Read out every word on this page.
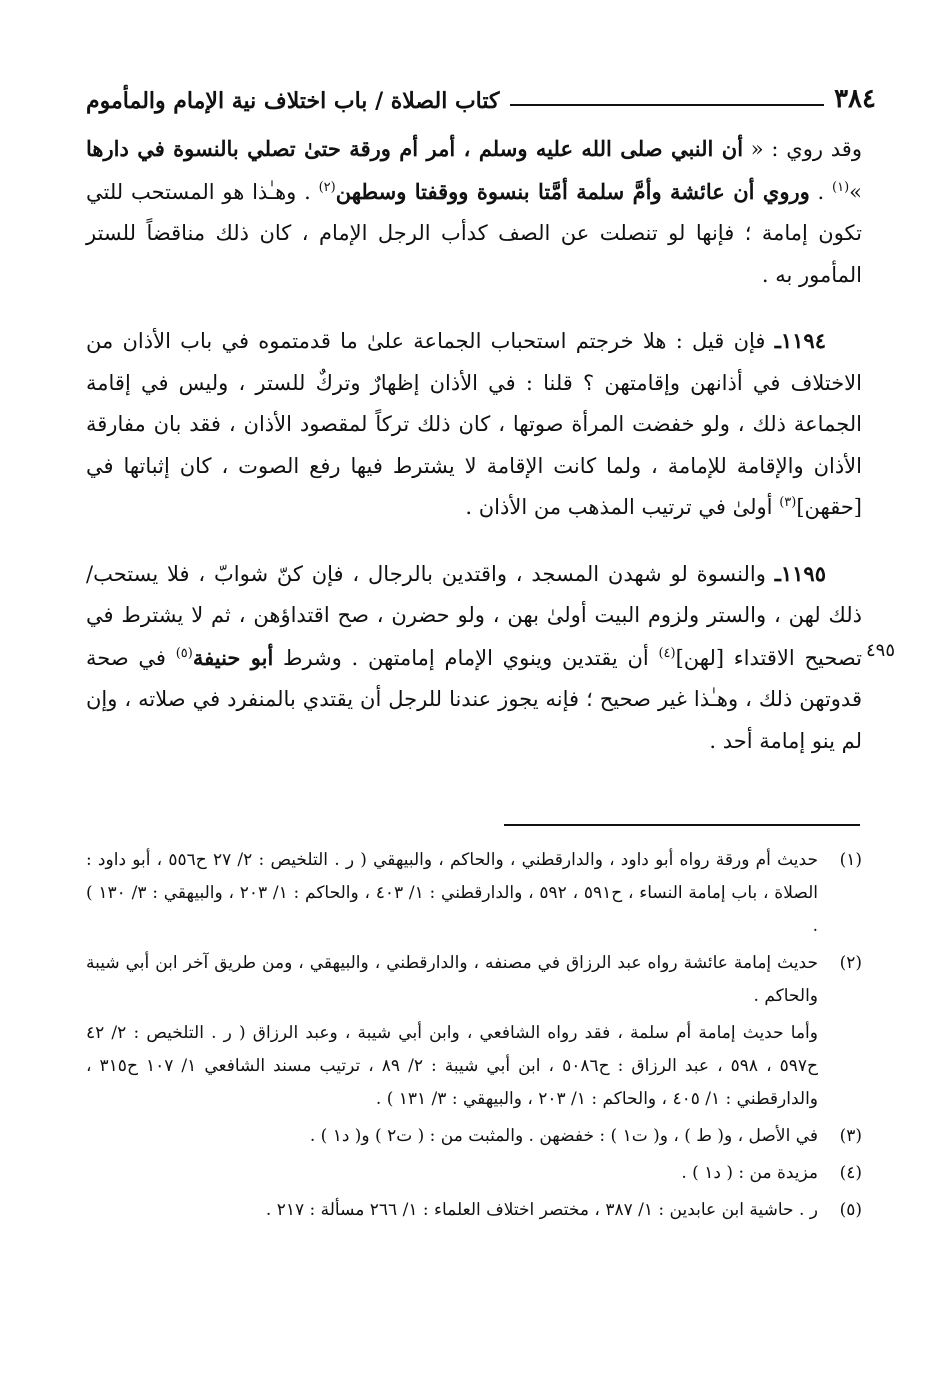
٣٨٤
كتاب الصلاة / باب اختلاف نية الإمام والمأموم

وقد روي : « أن النبي صلى الله عليه وسلم ، أمر أم ورقة حتىٰ تصلي بالنسوة في دارها »$^{(١)}$ . وروي أن عائشة وأمَّ سلمة أمَّتا بنسوة ووقفتا وسطهن$^{(٢)}$ . وهـٰذا هو المستحب للتي تكون إمامة ؛ فإنها لو تنصلت عن الصف كدأب الرجل الإمام ، كان ذلك مناقضاً للستر المأمور به .

١١٩٤ـ فإن قيل : هلا خرجتم استحباب الجماعة علىٰ ما قدمتموه في باب الأذان من الاختلاف في أذانهن وإقامتهن ؟ قلنا : في الأذان إظهارٌ وتركٌ للستر ، وليس في إقامة الجماعة ذلك ، ولو خفضت المرأة صوتها ، كان ذلك تركاً لمقصود الأذان ، فقد بان مفارقة الأذان والإقامة للإمامة ، ولما كانت الإقامة لا يشترط فيها رفع الصوت ، كان إثباتها في [حقهن]$^{(٣)}$ أولىٰ في ترتيب المذهب من الأذان .

١١٩٥ـ والنسوة لو شهدن المسجد ، واقتدين بالرجال ، فإن كنّ شوابّ ، فلا يستحب/ ذلك لهن ، والستر ولزوم البيت أولىٰ بهن ، ولو حضرن ، صح اقتداؤهن ، ثم لا يشترط في تصحيح الاقتداء [لهن]$^{(٤)}$ أن يقتدين وينوي الإمام إمامتهن . وشرط أبو حنيفة$^{(٥)}$ في صحة قدوتهن ذلك ، وهـٰذا غير صحيح ؛ فإنه يجوز عندنا للرجل أن يقتدي بالمنفرد في صلاته ، وإن لم ينو إمامة أحد .

٤٩٥
(١)
حديث أم ورقة رواه أبو داود ، والدارقطني ، والحاكم ، والبيهقي ( ر . التلخيص : ٢/ ٢٧ ح٥٥٦ ، أبو داود : الصلاة ، باب إمامة النساء ، ح٥٩١ ، ٥٩٢ ، والدارقطني : ١/ ٤٠٣ ، والحاكم : ١/ ٢٠٣ ، والبيهقي : ٣/ ١٣٠ ) .
(٢)
حديث إمامة عائشة رواه عبد الرزاق في مصنفه ، والدارقطني ، والبيهقي ، ومن طريق آخر ابن أبي شيبة والحاكم .
وأما حديث إمامة أم سلمة ، فقد رواه الشافعي ، وابن أبي شيبة ، وعبد الرزاق ( ر . التلخيص : ٢/ ٤٢ ح٥٩٧ ، ٥٩٨ ، عبد الرزاق : ح٥٠٨٦ ، ابن أبي شيبة : ٢/ ٨٩ ، ترتيب مسند الشافعي ١/ ١٠٧ ح٣١٥ ، والدارقطني : ١/ ٤٠٥ ، والحاكم : ١/ ٢٠٣ ، والبيهقي : ٣/ ١٣١ ) .
(٣)
في الأصل ، و( ط ) ، و( ت١ ) : خفضهن . والمثبت من : ( ت٢ ) و( د١ ) .
(٤)
مزيدة من : ( د١ ) .
(٥)
ر . حاشية ابن عابدين : ١/ ٣٨٧ ، مختصر اختلاف العلماء : ١/ ٢٦٦ مسألة : ٢١٧ .
